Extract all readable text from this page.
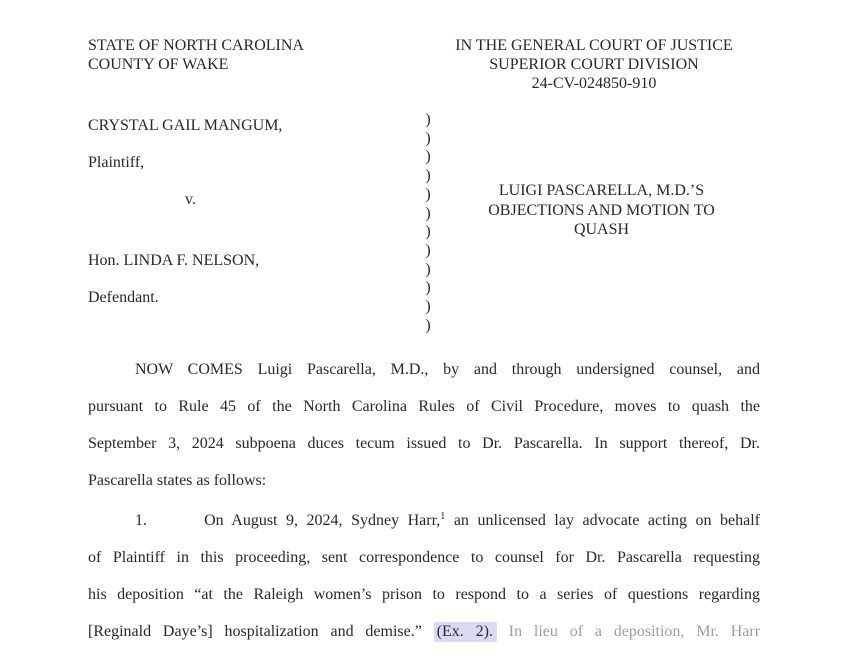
STATE OF NORTH CAROLINA
COUNTY OF WAKE
IN THE GENERAL COURT OF JUSTICE
SUPERIOR COURT DIVISION
24-CV-024850-910
CRYSTAL GAIL MANGUM,
Plaintiff,
v.
Hon. LINDA F. NELSON,
Defendant.
)
)
)
)
)
)
)
)
)
)
)
)
LUIGI PASCARELLA, M.D.’S
OBJECTIONS AND MOTION TO
QUASH
NOW COMES Luigi Pascarella, M.D., by and through undersigned counsel, and
pursuant to Rule 45 of the North Carolina Rules of Civil Procedure, moves to quash the
September 3, 2024 subpoena duces tecum issued to Dr. Pascarella. In support thereof, Dr.
Pascarella states as follows:
1.	On August 9, 2024, Sydney Harr,$^1$ an unlicensed lay advocate acting on behalf
of Plaintiff in this proceeding, sent correspondence to counsel for Dr. Pascarella requesting
his deposition “at the Raleigh women’s prison to respond to a series of questions regarding
[Reginald Daye’s] hospitalization and demise.” (Ex. 2). In lieu of a deposition, Mr. Harr
